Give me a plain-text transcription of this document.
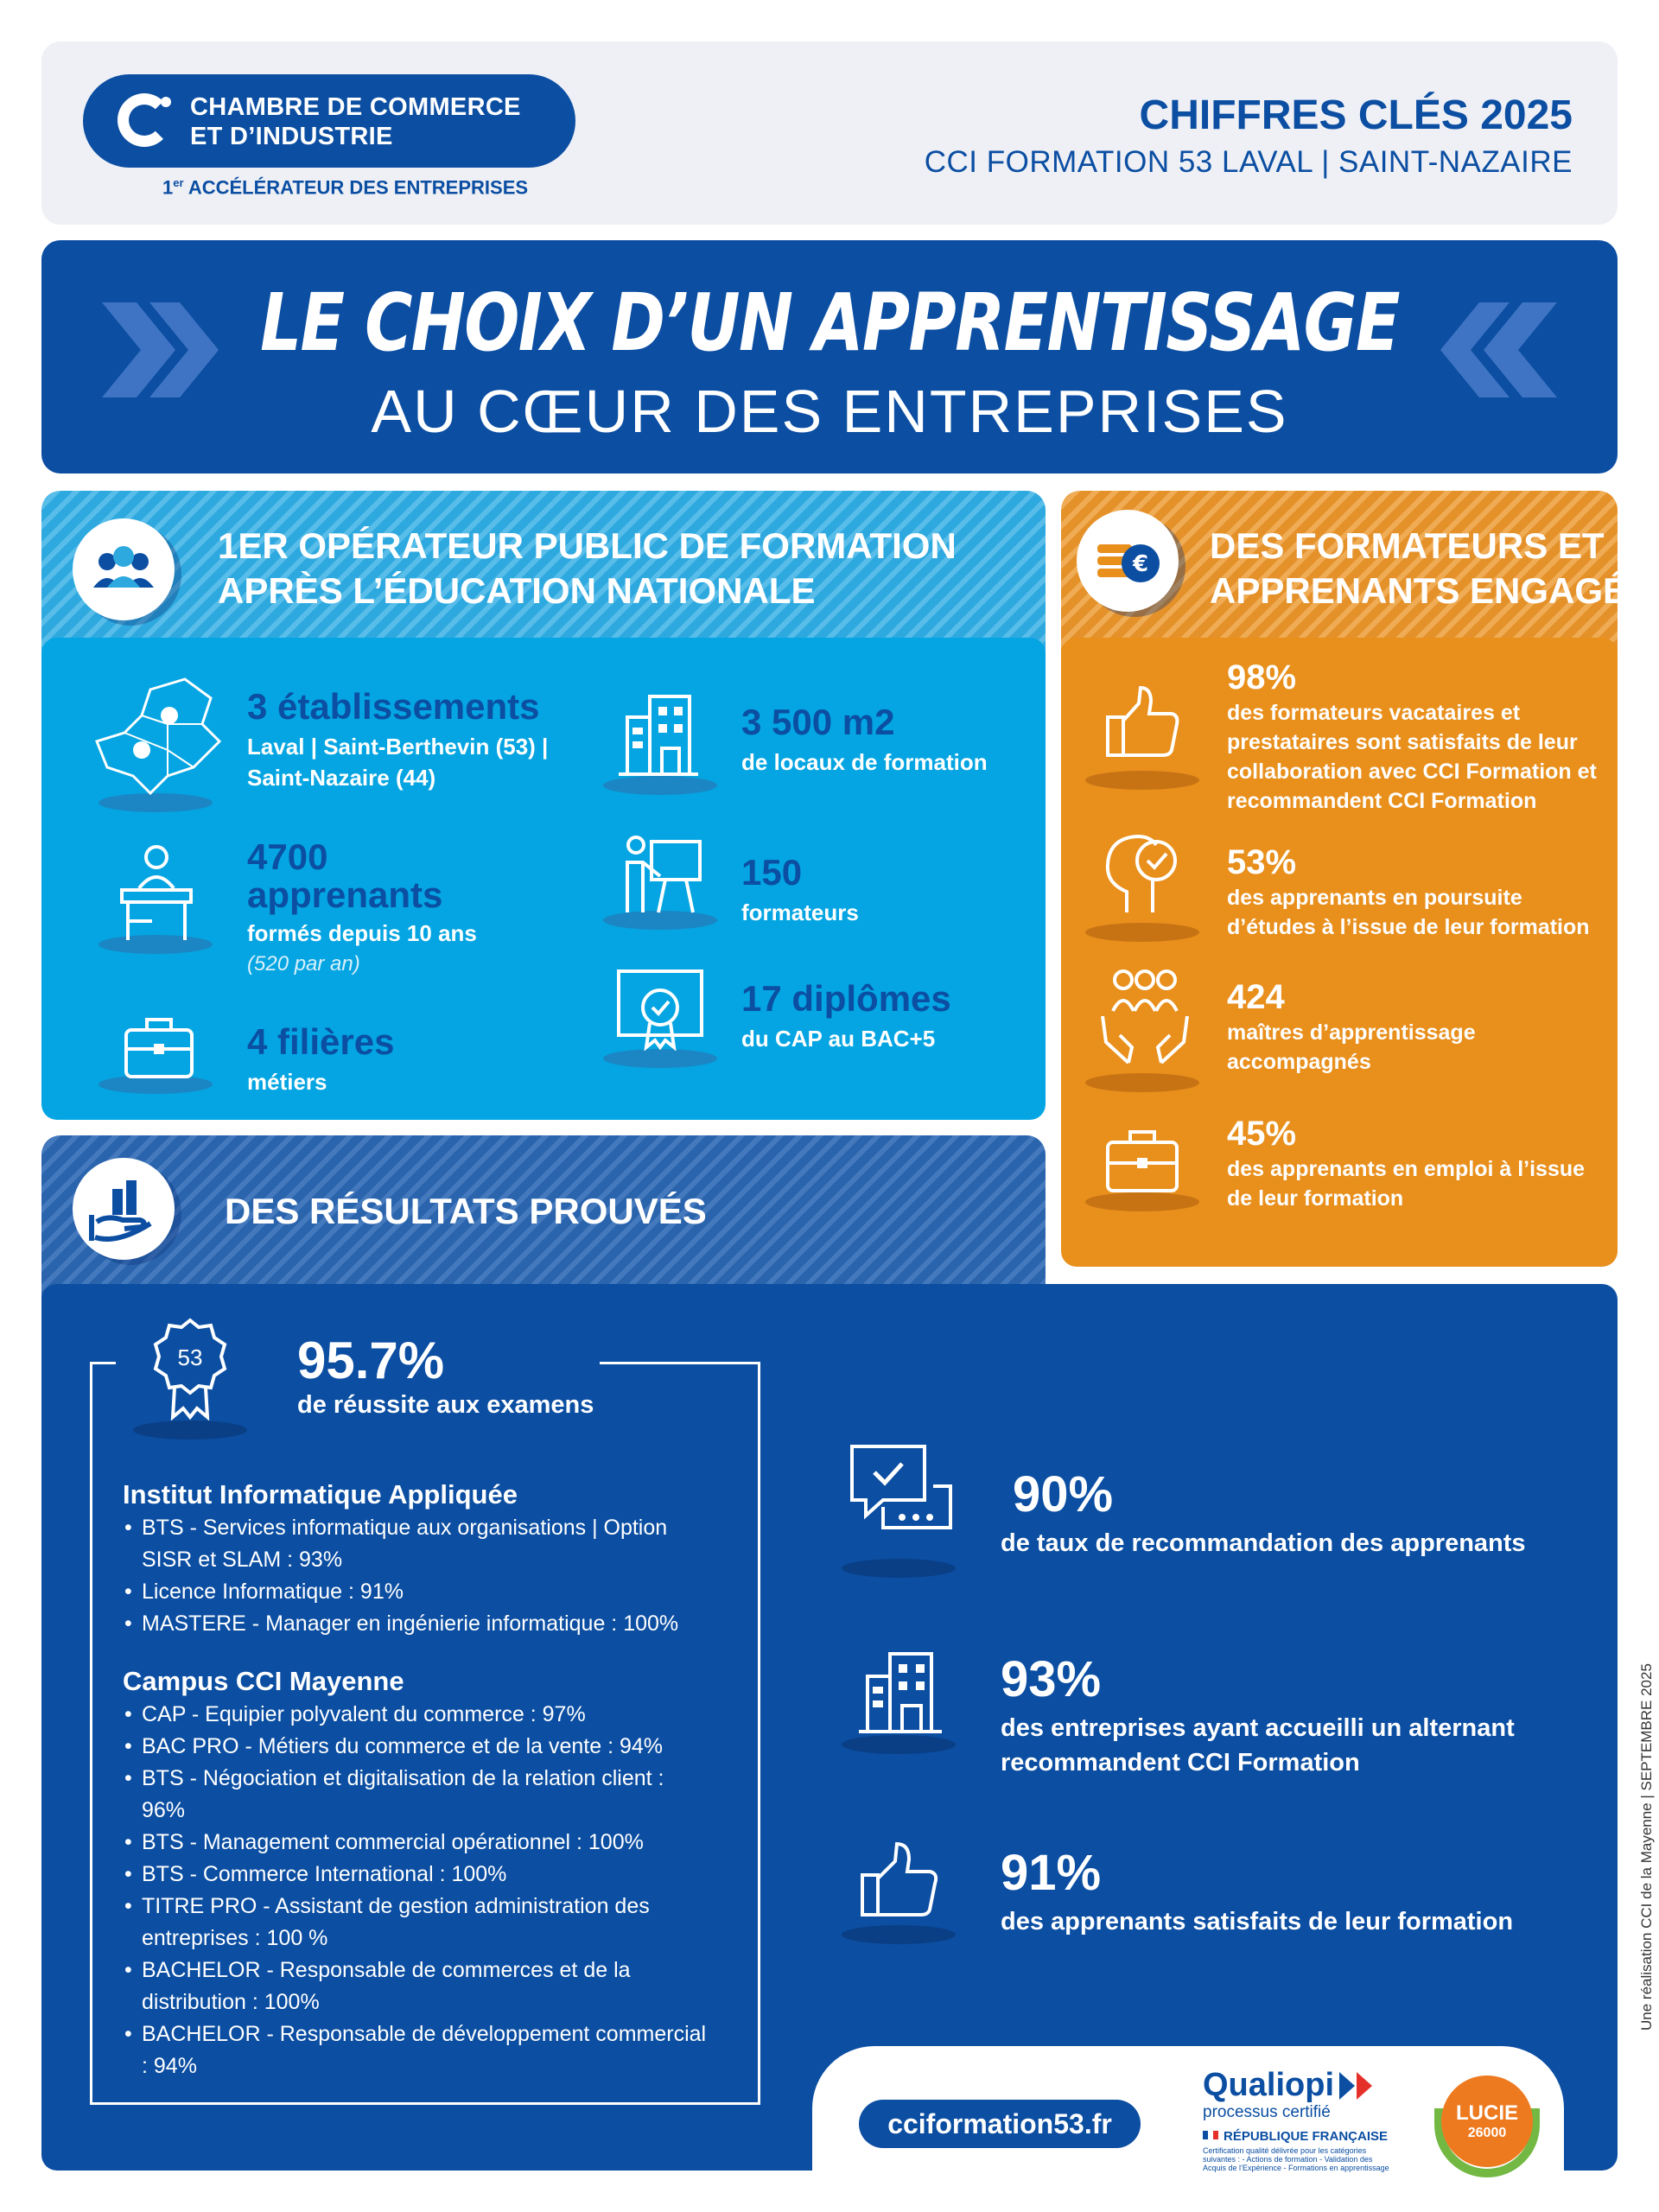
CHAMBRE DE COMMERCE
ET D’INDUSTRIE
1er ACCÉLÉRATEUR DES ENTREPRISES
CHIFFRES CLÉS 2025
CCI FORMATION 53 LAVAL | SAINT-NAZAIRE
LE CHOIX D’UN APPRENTISSAGE
AU CŒUR DES ENTREPRISES
1ER OPÉRATEUR PUBLIC DE FORMATION
APRÈS L’ÉDUCATION NATIONALE
3 établissements
Laval | Saint-Berthevin (53) |
Saint-Nazaire (44)
4700
apprenants
formés depuis 10 ans
(520 par an)
4 filières
métiers
3 500 m2
de locaux de formation
150
formateurs
17 diplômes
du CAP au BAC+5
€ DES FORMATEURS ET
APPRENANTS ENGAGÉS
98%
des formateurs vacataires et
prestataires sont satisfaits de leur
collaboration avec CCI Formation et
recommandent CCI Formation
53%
des apprenants en poursuite
d’études à l’issue de leur formation
424
maîtres d’apprentissage
accompagnés
45%
des apprenants en emploi à l’issue
de leur formation
DES RÉSULTATS PROUVÉS
53 95.7%
de réussite aux examens
Institut Informatique Appliquée
• BTS - Services informatique aux organisations | Option SISR et SLAM : 93%
• Licence Informatique : 91%
• MASTERE - Manager en ingénierie informatique : 100%
Campus CCI Mayenne
• CAP - Equipier polyvalent du commerce : 97%
• BAC PRO - Métiers du commerce et de la vente : 94%
• BTS - Négociation et digitalisation de la relation client : 96%
• BTS - Management commercial opérationnel : 100%
• BTS - Commerce International : 100%
• TITRE PRO - Assistant de gestion administration des entreprises : 100 %
• BACHELOR - Responsable de commerces et de la distribution : 100%
• BACHELOR - Responsable de développement commercial : 94%
90%
de taux de recommandation des apprenants
93%
des entreprises ayant accueilli un alternant
recommandent CCI Formation
91%
des apprenants satisfaits de leur formation
cciformation53.fr
Qualiopi
processus certifié
RÉPUBLIQUE FRANÇAISE
Certification qualité délivrée pour les catégories suivantes : - Actions de formation - Validation des Acquis de l’Expérience - Formations en apprentissage
LUCIE
26000
Une réalisation CCI de la Mayenne | SEPTEMBRE 2025
